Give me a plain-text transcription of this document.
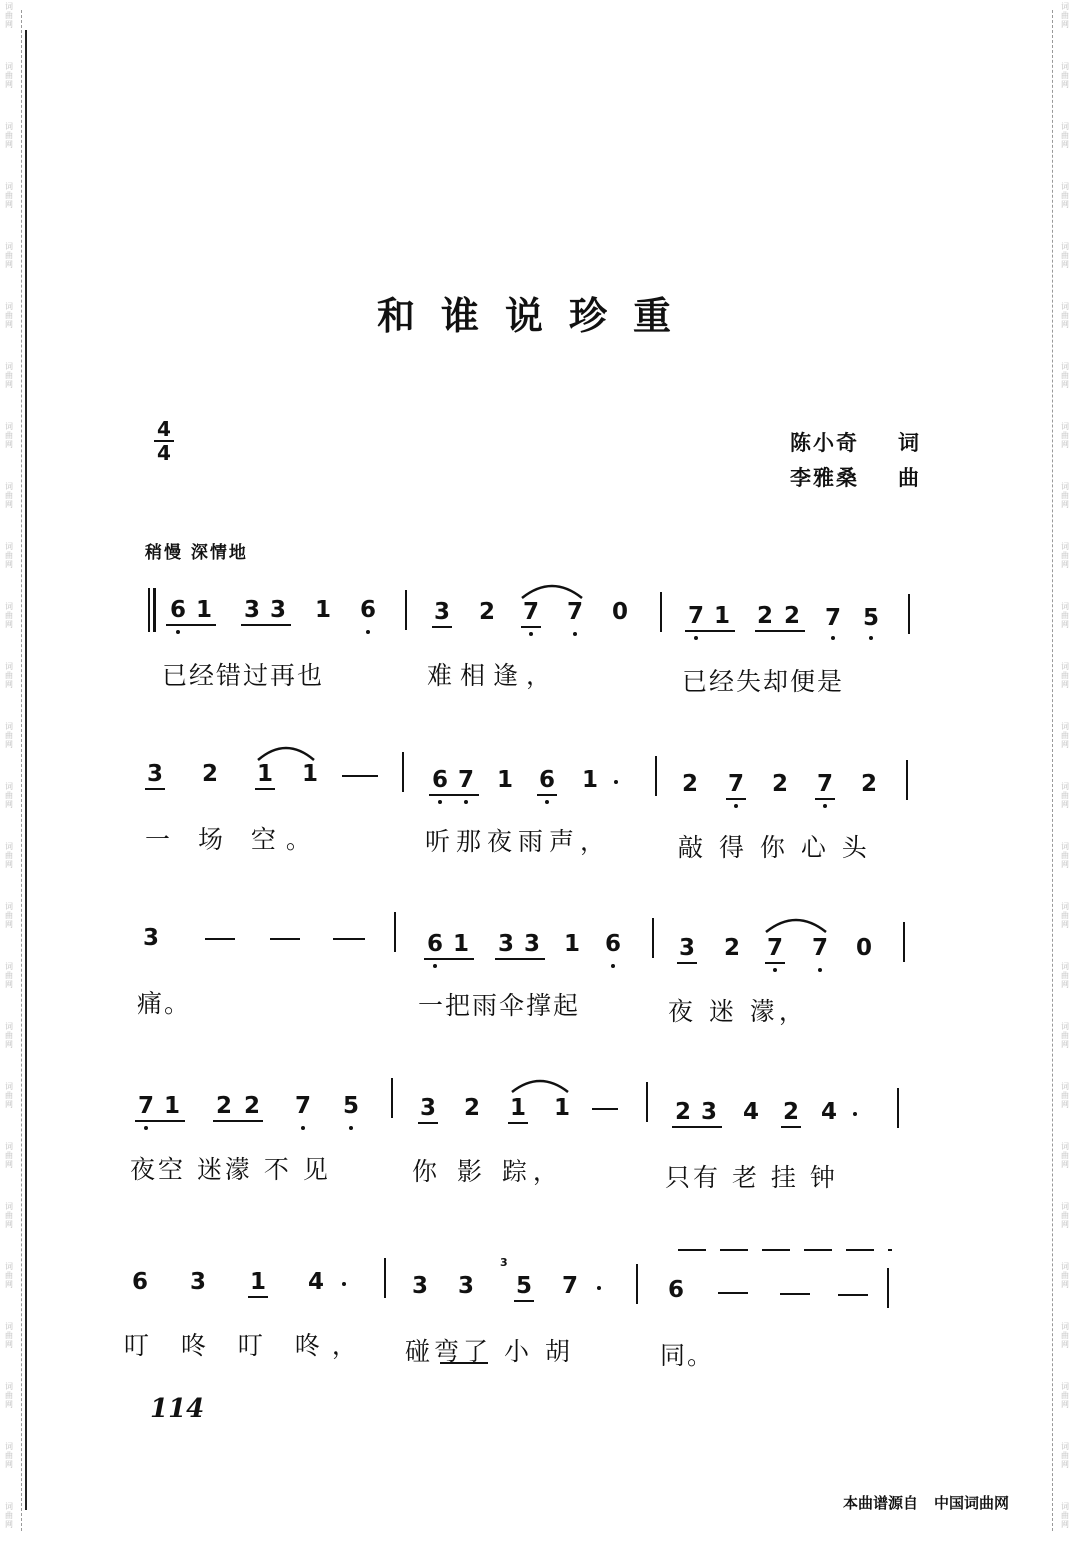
词
曲
网
词
曲
网
词
曲
网
词
曲
网
词
曲
网
词
曲
网
词
曲
网
词
曲
网
词
曲
网
词
曲
网
词
曲
网
词
曲
网
词
曲
网
词
曲
网
词
曲
网
词
曲
网
词
曲
网
词
曲
网
词
曲
网
词
曲
网
词
曲
网
词
曲
网
词
曲
网
词
曲
网
词
曲
网
词
曲
网
词
曲
网
词
曲
网
词
曲
网
词
曲
网
词
曲
网
词
曲
网
词
曲
网
词
曲
网
词
曲
网
词
曲
网
词
曲
网
词
曲
网
词
曲
网
词
曲
网
词
曲
网
词
曲
网
词
曲
网
词
曲
网
词
曲
网
词
曲
网
词
曲
网
词
曲
网
词
曲
网
词
曲
网
词
曲
网
词
曲
网
和谁说珍重
4
4	陈小奇 词
李雅桑 曲
稍慢 深情地
6 1 3 3 1 6	3 2 7 7 0	7 1 2 2 7 5
已经错过再也	难相逢，	已经失却便是
3 2 1 1	6 7 1 6 1	2 7 2 7 2
一 场 空。	听那夜雨声，	敲 得 你 心 头
3	6 1 3 3 1 6	3 2 7 7 0
痛。	一把雨伞撑起	夜 迷 濛，
7 1 2 2 7 5	3 2 1 1	2 3 4 2 4
夜空 迷濛 不 见	你 影 踪，	只有 老 挂 钟
6 3 1 4	3 3
3
5 7	6
叮 咚 叮 咚， 碰弯了 小 胡	同。
114
本曲谱源自 中国词曲网
